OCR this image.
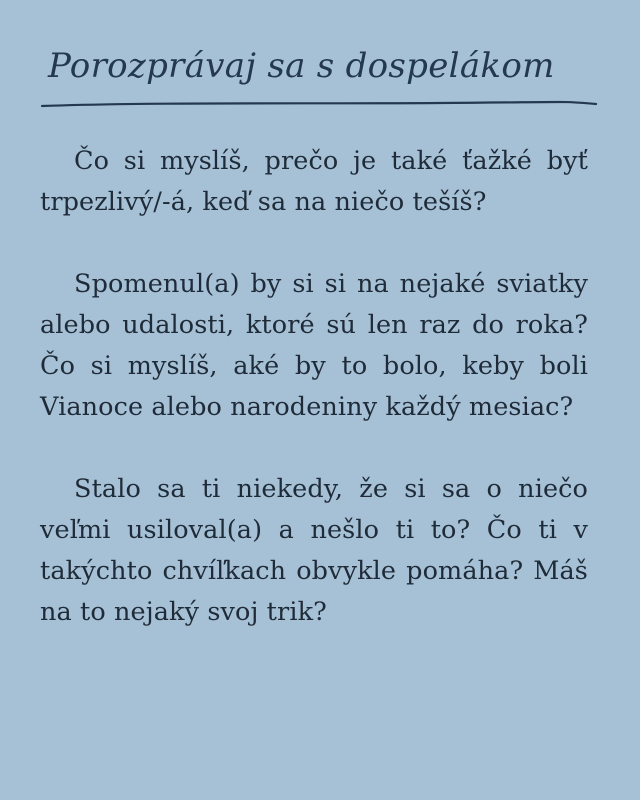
Porozprávaj sa s dospelákom

Čo si myslíš, prečo je také ťažké byť trpezlivý/-á, keď sa na niečo tešíš?

Spomenul(a) by si si na nejaké sviatky alebo udalosti, ktoré sú len raz do roka? Čo si myslíš, aké by to bolo, keby boli Vianoce alebo narodeniny každý mesiac?

Stalo sa ti niekedy, že si sa o niečo veľmi usiloval(a) a nešlo ti to? Čo ti v takýchto chvíľkach obvykle pomáha? Máš na to nejaký svoj trik?
